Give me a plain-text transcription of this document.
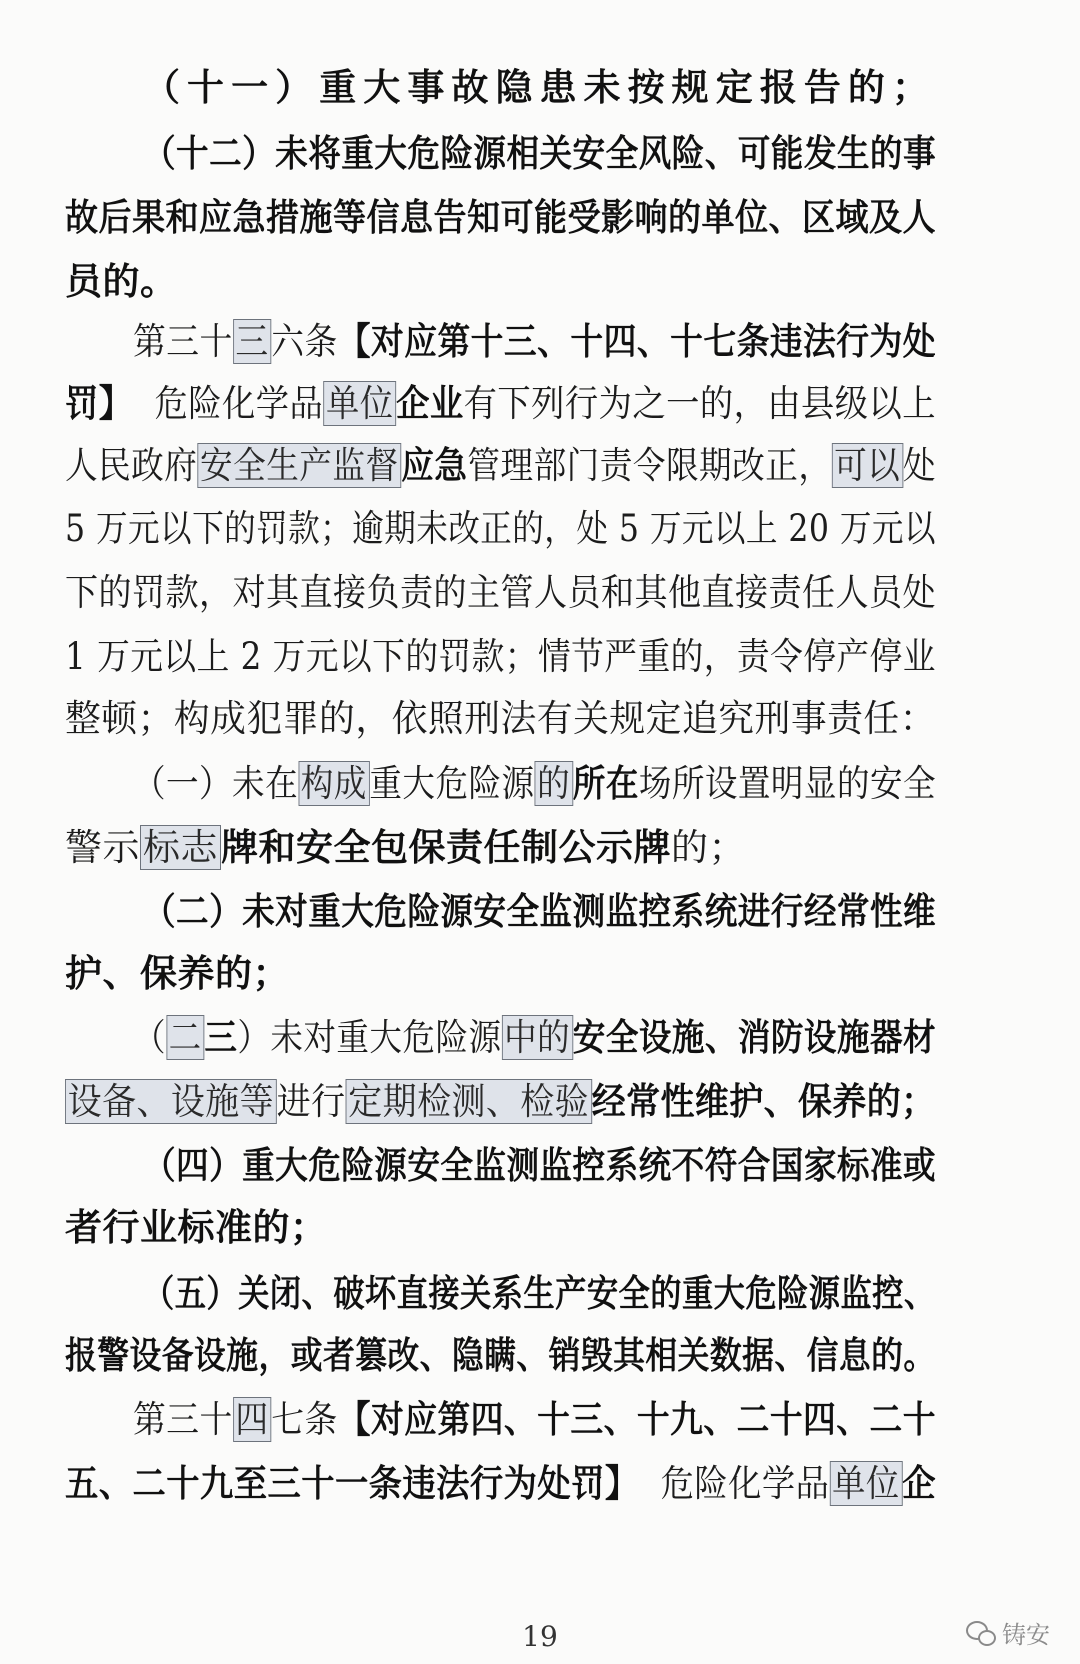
（十一）重大事故隐患未按规定报告的；
（十二）未将重大危险源相关安全风险、可能发生的事
故后果和应急措施等信息告知可能受影响的单位、区域及人
员的。
第三十三六条【对应第十三、十四、十七条违法行为处
罚】  危险化学品单位企业有下列行为之一的，由县级以上
人民政府安全生产监督应急管理部门责令限期改正，可以处
5 万元以下的罚款；逾期未改正的，处 5 万元以上 20 万元以
下的罚款，对其直接负责的主管人员和其他直接责任人员处
1 万元以上 2 万元以下的罚款；情节严重的，责令停产停业
整顿；构成犯罪的，依照刑法有关规定追究刑事责任：
（一）未在构成重大危险源的所在场所设置明显的安全
警示标志牌和安全包保责任制公示牌的；
（二）未对重大危险源安全监测监控系统进行经常性维
护、保养的；
（二三）未对重大危险源中的安全设施、消防设施器材
设备、设施等进行定期检测、检验经常性维护、保养的；
（四）重大危险源安全监测监控系统不符合国家标准或
者行业标准的；
（五）关闭、破坏直接关系生产安全的重大危险源监控、
报警设备设施，或者篡改、隐瞒、销毁其相关数据、信息的。
第三十四七条【对应第四、十三、十九、二十四、二十
五、二十九至三十一条违法行为处罚】  危险化学品单位企
19	铸安
